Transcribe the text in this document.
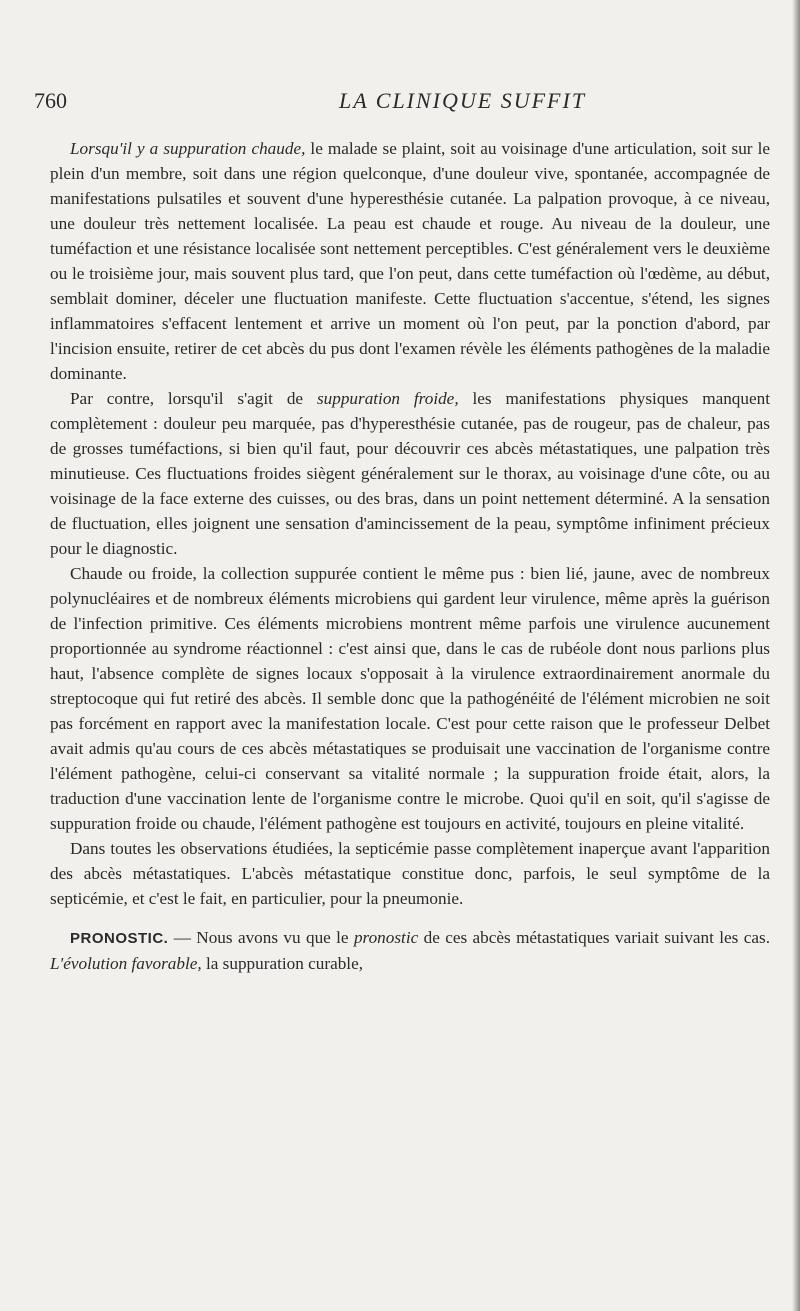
760	LA CLINIQUE SUFFIT

Lorsqu'il y a suppuration chaude, le malade se plaint, soit au voisinage d'une articulation, soit sur le plein d'un membre, soit dans une région quelconque, d'une douleur vive, spontanée, accompagnée de manifestations pulsatiles et souvent d'une hyperesthésie cutanée. La palpation provoque, à ce niveau, une douleur très nettement localisée. La peau est chaude et rouge. Au niveau de la douleur, une tuméfaction et une résistance localisée sont nettement perceptibles. C'est généralement vers le deuxième ou le troisième jour, mais souvent plus tard, que l'on peut, dans cette tuméfaction où l'œdème, au début, semblait dominer, déceler une fluctuation manifeste. Cette fluctuation s'accentue, s'étend, les signes inflammatoires s'effacent lentement et arrive un moment où l'on peut, par la ponction d'abord, par l'incision ensuite, retirer de cet abcès du pus dont l'examen révèle les éléments pathogènes de la maladie dominante.

Par contre, lorsqu'il s'agit de suppuration froide, les manifestations physiques manquent complètement : douleur peu marquée, pas d'hyperesthésie cutanée, pas de rougeur, pas de chaleur, pas de grosses tuméfactions, si bien qu'il faut, pour découvrir ces abcès métastatiques, une palpation très minutieuse. Ces fluctuations froides siègent généralement sur le thorax, au voisinage d'une côte, ou au voisinage de la face externe des cuisses, ou des bras, dans un point nettement déterminé. A la sensation de fluctuation, elles joignent une sensation d'amincissement de la peau, symptôme infiniment précieux pour le diagnostic.

Chaude ou froide, la collection suppurée contient le même pus : bien lié, jaune, avec de nombreux polynucléaires et de nombreux éléments microbiens qui gardent leur virulence, même après la guérison de l'infection primitive. Ces éléments microbiens montrent même parfois une virulence aucunement proportionnée au syndrome réactionnel : c'est ainsi que, dans le cas de rubéole dont nous parlions plus haut, l'absence complète de signes locaux s'opposait à la virulence extraordinairement anormale du streptocoque qui fut retiré des abcès. Il semble donc que la pathogénéité de l'élément microbien ne soit pas forcément en rapport avec la manifestation locale. C'est pour cette raison que le professeur Delbet avait admis qu'au cours de ces abcès métastatiques se produisait une vaccination de l'organisme contre l'élément pathogène, celui-ci conservant sa vitalité normale ; la suppuration froide était, alors, la traduction d'une vaccination lente de l'organisme contre le microbe. Quoi qu'il en soit, qu'il s'agisse de suppuration froide ou chaude, l'élément pathogène est toujours en activité, toujours en pleine vitalité.

Dans toutes les observations étudiées, la septicémie passe complètement inaperçue avant l'apparition des abcès métastatiques. L'abcès métastatique constitue donc, parfois, le seul symptôme de la septicémie, et c'est le fait, en particulier, pour la pneumonie.

PRONOSTIC. — Nous avons vu que le pronostic de ces abcès métastatiques variait suivant les cas. L'évolution favorable, la suppuration curable,
